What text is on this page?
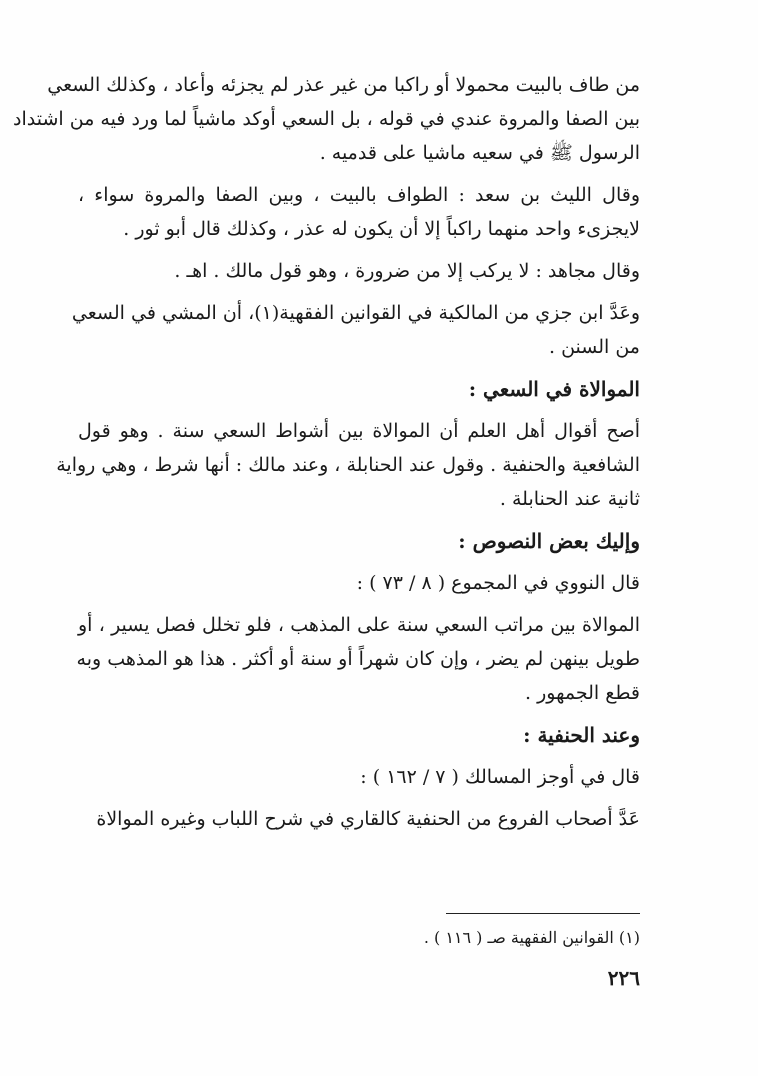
من طاف بالبيت محمولا أو راكبا من غير عذر لم يجزئه وأعاد ، وكذلك السعي
بين الصفا والمروة عندي في قوله ، بل السعي أوكد ماشياً لما ورد فيه من اشتداد
الرسول ﷺ في سعيه ماشيا على قدميه .

وقال الليث بن سعد : الطواف بالبيت ، وبين الصفا والمروة سواء ،
لايجزىء واحد منهما راكباً إلا أن يكون له عذر ، وكذلك قال أبو ثور .

وقال مجاهد : لا يركب إلا من ضرورة ، وهو قول مالك . اهـ .

وعَدَّ ابن جزي من المالكية في القوانين الفقهية(١)، أن المشي في السعي
من السنن .

الموالاة في السعي :

أصح أقوال أهل العلم أن الموالاة بين أشواط السعي سنة . وهو قول
الشافعية والحنفية . وقول عند الحنابلة ، وعند مالك : أنها شرط ، وهي رواية
ثانية عند الحنابلة .

وإليك بعض النصوص :

قال النووي في المجموع ( ٨ / ٧٣ ) :

الموالاة بين مراتب السعي سنة على المذهب ، فلو تخلل فصل يسير ، أو
طويل بينهن لم يضر ، وإن كان شهراً أو سنة أو أكثر . هذا هو المذهب وبه
قطع الجمهور .

وعند الحنفية :

قال في أوجز المسالك ( ٧ / ١٦٢ ) :

عَدَّ أصحاب الفروع من الحنفية كالقاري في شرح اللباب وغيره الموالاة

(١) القوانين الفقهية صـ ( ١١٦ ) .
٢٢٦
